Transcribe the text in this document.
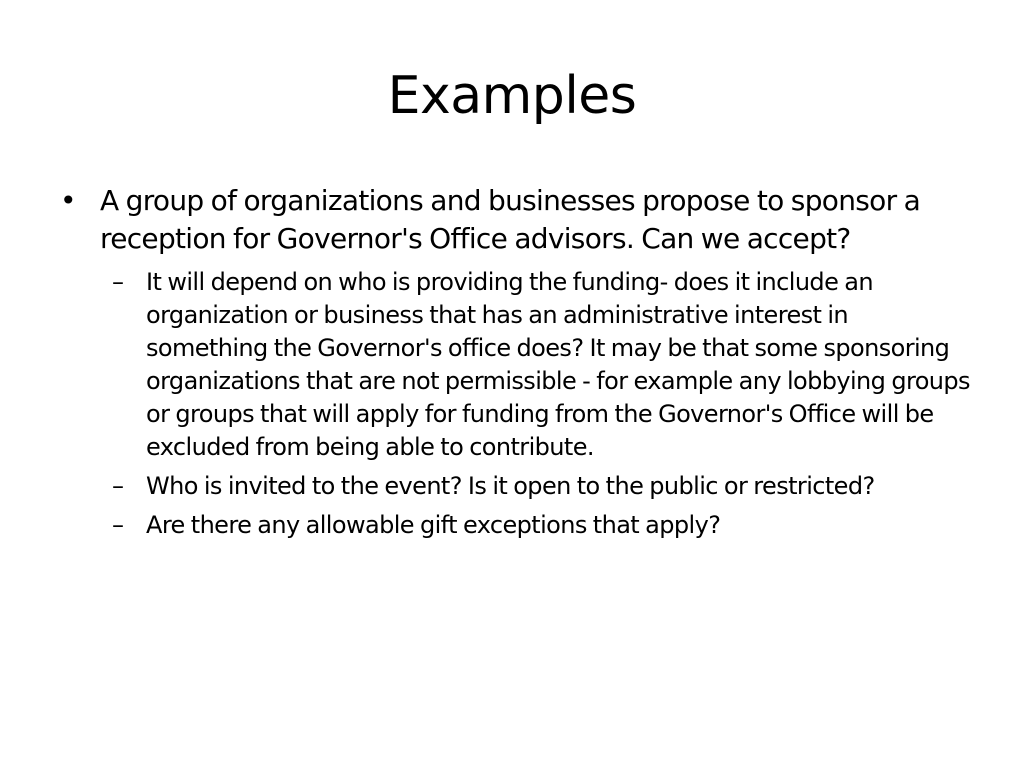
Examples
• A group of organizations and businesses propose to sponsor a reception for Governor's Office advisors. Can we accept?
– It will depend on who is providing the funding- does it include an organization or business that has an administrative interest in something the Governor's office does? It may be that some sponsoring organizations that are not permissible - for example any lobbying groups or groups that will apply for funding from the Governor's Office will be excluded from being able to contribute.
– Who is invited to the event? Is it open to the public or restricted?
– Are there any allowable gift exceptions that apply?
